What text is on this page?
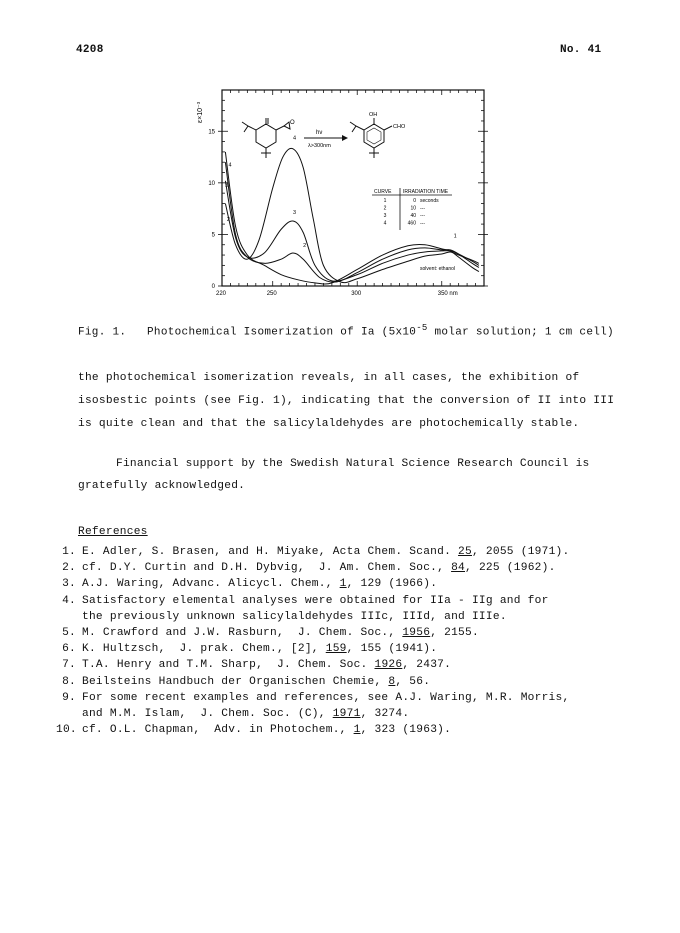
4208	No. 41
0
5
10
15
220	250	300	350 nm
ε×10⁻³	O
hν
λ>300nm
OH
CHO
CURVE IRRADIATION TIME
1	0 seconds
2	10 ---
3	40 ---
4	460 ---
solvent: ethanol
1
2
3
4
3
2
4
Fig. 1. Photochemical Isomerization of Ia ($5x10^{-5}$ molar solution; 1 cm cell)
the photochemical isomerization reveals, in all cases, the exhibition of
isosbestic points (see Fig. 1), indicating that the conversion of II into III
is quite clean and that the salicylaldehydes are photochemically stable.
Financial support by the Swedish Natural Science Research Council is
gratefully acknowledged.
References
1. E. Adler, S. Brasen, and H. Miyake, Acta Chem. Scand. 25, 2055 (1971).
2. cf. D.Y. Curtin and D.H. Dybvig,  J. Am. Chem. Soc., 84, 225 (1962).
3. A.J. Waring, Advanc. Alicycl. Chem., 1, 129 (1966).
4. Satisfactory elemental analyses were obtained for IIa - IIg and for
the previously unknown salicylaldehydes IIIc, IIId, and IIIe.
5. M. Crawford and J.W. Rasburn,  J. Chem. Soc., 1956, 2155.
6. K. Hultzsch,  J. prak. Chem., [2], 159, 155 (1941).
7. T.A. Henry and T.M. Sharp,  J. Chem. Soc. 1926, 2437.
8. Beilsteins Handbuch der Organischen Chemie, 8, 56.
9. For some recent examples and references, see A.J. Waring, M.R. Morris,
and M.M. Islam,  J. Chem. Soc. (C), 1971, 3274.
10. cf. O.L. Chapman,  Adv. in Photochem., 1, 323 (1963).
